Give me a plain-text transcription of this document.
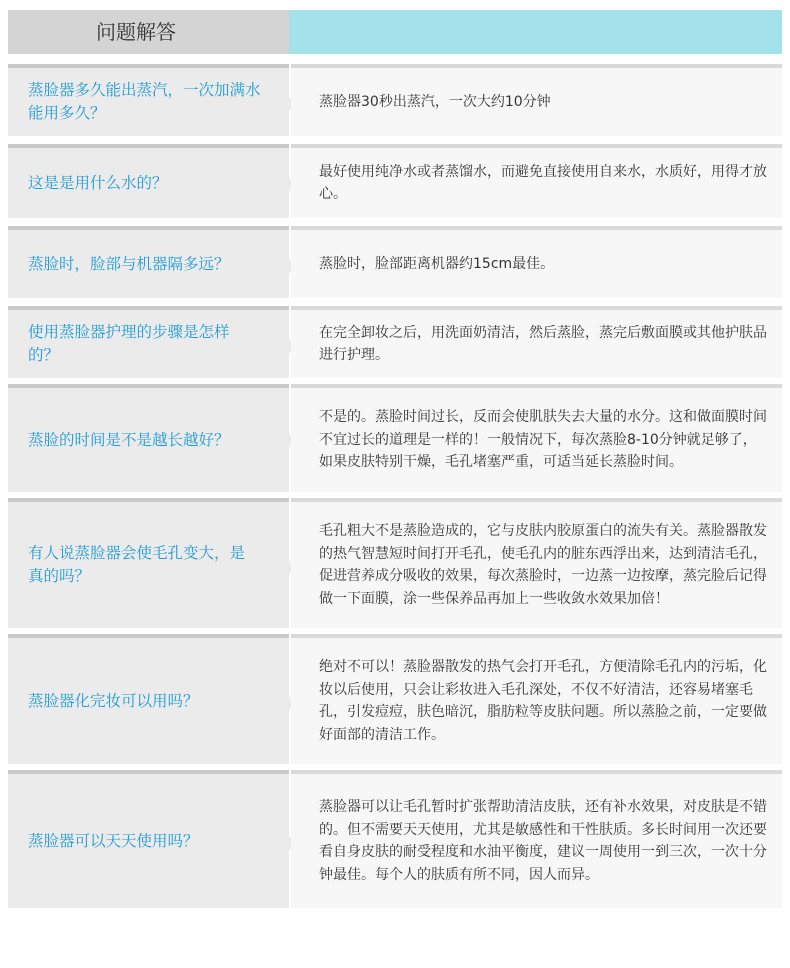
问题解答
蒸脸器多久能出蒸汽，一次加满水能用多久？
蒸脸器30秒出蒸汽，一次大约10分钟
这是是用什么水的？
最好使用纯净水或者蒸馏水，而避免直接使用自来水，水质好，用得才放心。
蒸脸时，脸部与机器隔多远？	蒸脸时，脸部距离机器约15cm最佳。
使用蒸脸器护理的步骤是怎样的？
在完全卸妆之后，用洗面奶清洁，然后蒸脸，蒸完后敷面膜或其他护肤品进行护理。
蒸脸的时间是不是越长越好？
不是的。蒸脸时间过长，反而会使肌肤失去大量的水分。这和做面膜时间不宜过长的道理是一样的！一般情况下，每次蒸脸8-10分钟就足够了，如果皮肤特别干燥，毛孔堵塞严重，可适当延长蒸脸时间。
有人说蒸脸器会使毛孔变大，是真的吗？
毛孔粗大不是蒸脸造成的，它与皮肤内胶原蛋白的流失有关。蒸脸器散发的热气智慧短时间打开毛孔，使毛孔内的脏东西浮出来，达到清洁毛孔，促进营养成分吸收的效果，每次蒸脸时，一边蒸一边按摩，蒸完脸后记得做一下面膜，涂一些保养品再加上一些收敛水效果加倍！
蒸脸器化完妆可以用吗？
绝对不可以！蒸脸器散发的热气会打开毛孔，方便清除毛孔内的污垢，化妆以后使用，只会让彩妆进入毛孔深处，不仅不好清洁，还容易堵塞毛孔，引发痘痘，肤色暗沉，脂肪粒等皮肤问题。所以蒸脸之前，一定要做好面部的清洁工作。
蒸脸器可以天天使用吗？
蒸脸器可以让毛孔暂时扩张帮助清洁皮肤，还有补水效果，对皮肤是不错的。但不需要天天使用，尤其是敏感性和干性肤质。多长时间用一次还要看自身皮肤的耐受程度和水油平衡度，建议一周使用一到三次，一次十分钟最佳。每个人的肤质有所不同，因人而异。
